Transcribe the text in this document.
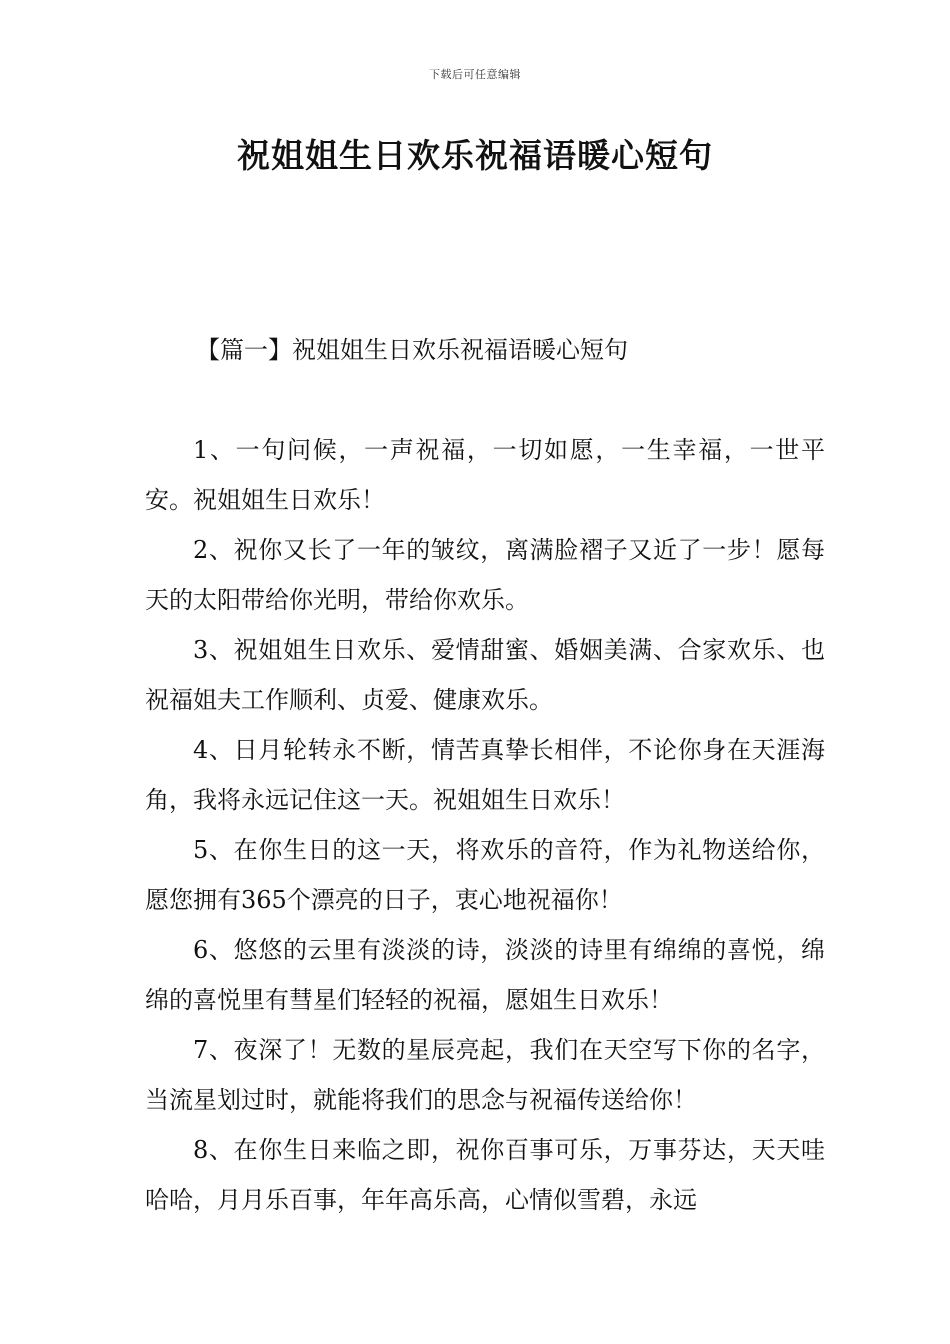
下载后可任意编辑
祝姐姐生日欢乐祝福语暖心短句
【篇一】祝姐姐生日欢乐祝福语暖心短句

1、一句问候，一声祝福，一切如愿，一生幸福，一世平安。祝姐姐生日欢乐！

2、祝你又长了一年的皱纹，离满脸褶子又近了一步！愿每天的太阳带给你光明，带给你欢乐。

3、祝姐姐生日欢乐、爱情甜蜜、婚姻美满、合家欢乐、也祝福姐夫工作顺利、贞爱、健康欢乐。

4、日月轮转永不断，情苦真挚长相伴，不论你身在天涯海角，我将永远记住这一天。祝姐姐生日欢乐！

5、在你生日的这一天，将欢乐的音符，作为礼物送给你，愿您拥有365个漂亮的日子，衷心地祝福你！

6、悠悠的云里有淡淡的诗，淡淡的诗里有绵绵的喜悦，绵绵的喜悦里有彗星们轻轻的祝福，愿姐生日欢乐！

7、夜深了！无数的星辰亮起，我们在天空写下你的名字，当流星划过时，就能将我们的思念与祝福传送给你！

8、在你生日来临之即，祝你百事可乐，万事芬达，天天哇哈哈，月月乐百事，年年高乐高，心情似雪碧，永远
